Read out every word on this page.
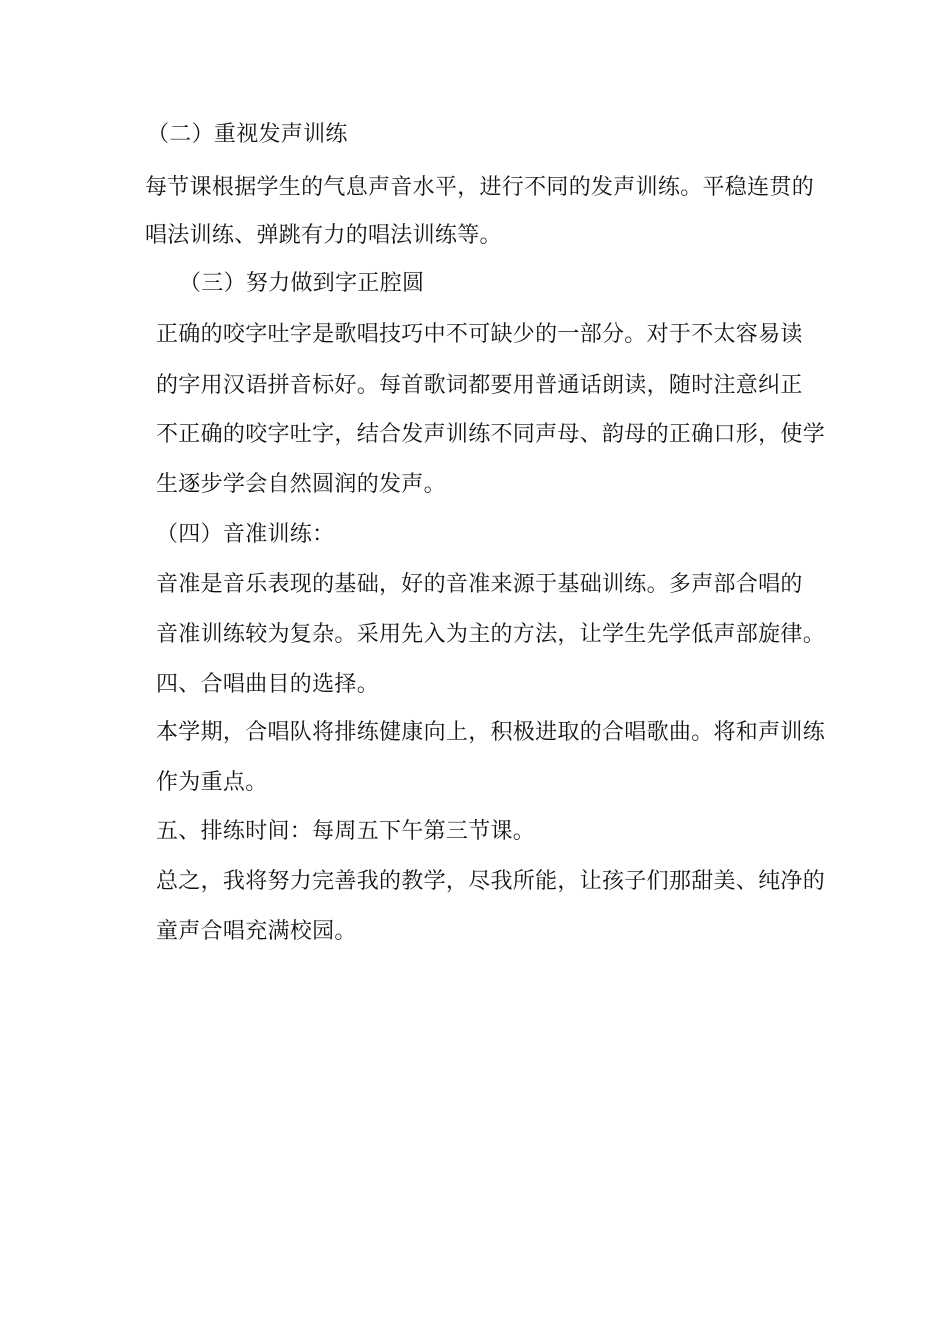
（二）重视发声训练
每节课根据学生的气息声音水平，进行不同的发声训练。平稳连贯的
唱法训练、弹跳有力的唱法训练等。
（三）努力做到字正腔圆
正确的咬字吐字是歌唱技巧中不可缺少的一部分。对于不太容易读
的字用汉语拼音标好。每首歌词都要用普通话朗读，随时注意纠正
不正确的咬字吐字，结合发声训练不同声母、韵母的正确口形，使学
生逐步学会自然圆润的发声。
（四）音准训练：
音准是音乐表现的基础，好的音准来源于基础训练。多声部合唱的
音准训练较为复杂。采用先入为主的方法，让学生先学低声部旋律。
四、合唱曲目的选择。
本学期，合唱队将排练健康向上，积极进取的合唱歌曲。将和声训练
作为重点。
五、排练时间：每周五下午第三节课。
总之，我将努力完善我的教学，尽我所能，让孩子们那甜美、纯净的
童声合唱充满校园。
